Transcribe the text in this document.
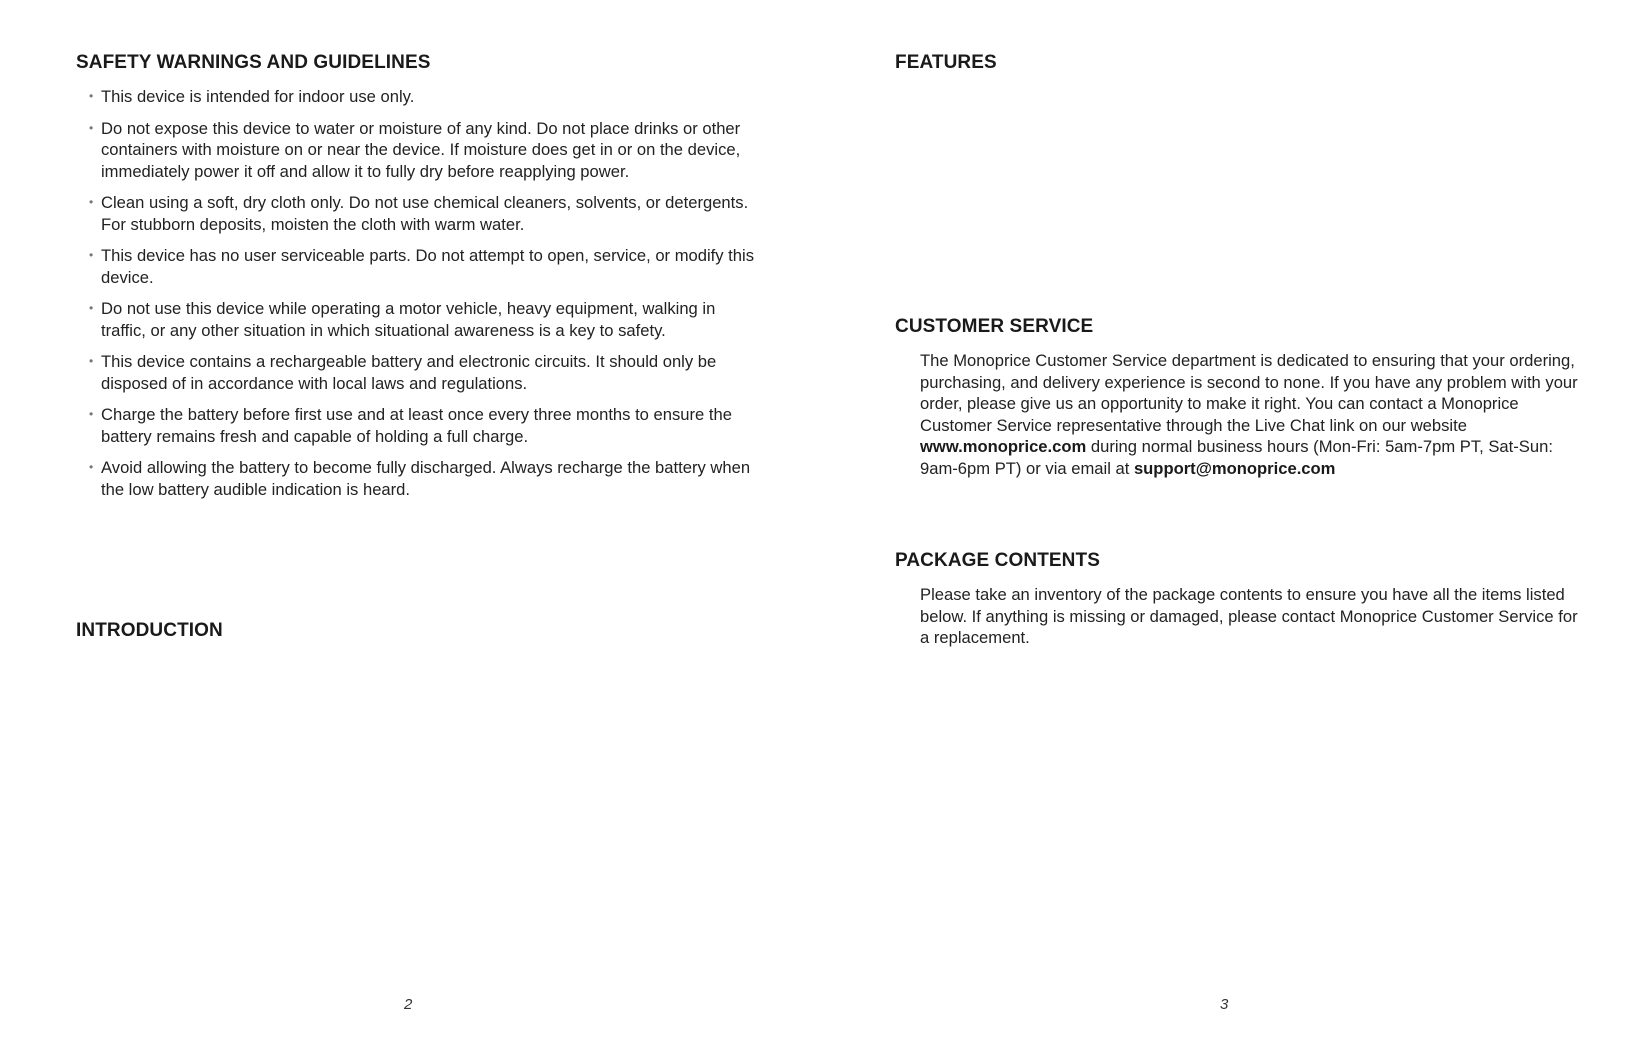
SAFETY WARNINGS AND GUIDELINES
• This device is intended for indoor use only.
• Do not expose this device to water or moisture of any kind. Do not place drinks or other containers with moisture on or near the device. If moisture does get in or on the device, immediately power it off and allow it to fully dry before reapplying power.
• Clean using a soft, dry cloth only. Do not use chemical cleaners, solvents, or detergents. For stubborn deposits, moisten the cloth with warm water.
• This device has no user serviceable parts. Do not attempt to open, service, or modify this device.
• Do not use this device while operating a motor vehicle, heavy equipment, walking in traffic, or any other situation in which situational awareness is a key to safety.
• This device contains a rechargeable battery and electronic circuits. It should only be disposed of in accordance with local laws and regulations.
• Charge the battery before first use and at least once every three months to ensure the battery remains fresh and capable of holding a full charge.
• Avoid allowing the battery to become fully discharged. Always recharge the battery when the low battery audible indication is heard.
INTRODUCTION
2
FEATURES
CUSTOMER SERVICE

The Monoprice Customer Service department is dedicated to ensuring that your ordering, purchasing, and delivery experience is second to none. If you have any problem with your order, please give us an opportunity to make it right. You can contact a Monoprice Customer Service representative through the Live Chat link on our website www.monoprice.com during normal business hours (Mon-Fri: 5am-7pm PT, Sat-Sun: 9am-6pm PT) or via email at support@monoprice.com

PACKAGE CONTENTS

Please take an inventory of the package contents to ensure you have all the items listed below. If anything is missing or damaged, please contact Monoprice Customer Service for a replacement.

3
